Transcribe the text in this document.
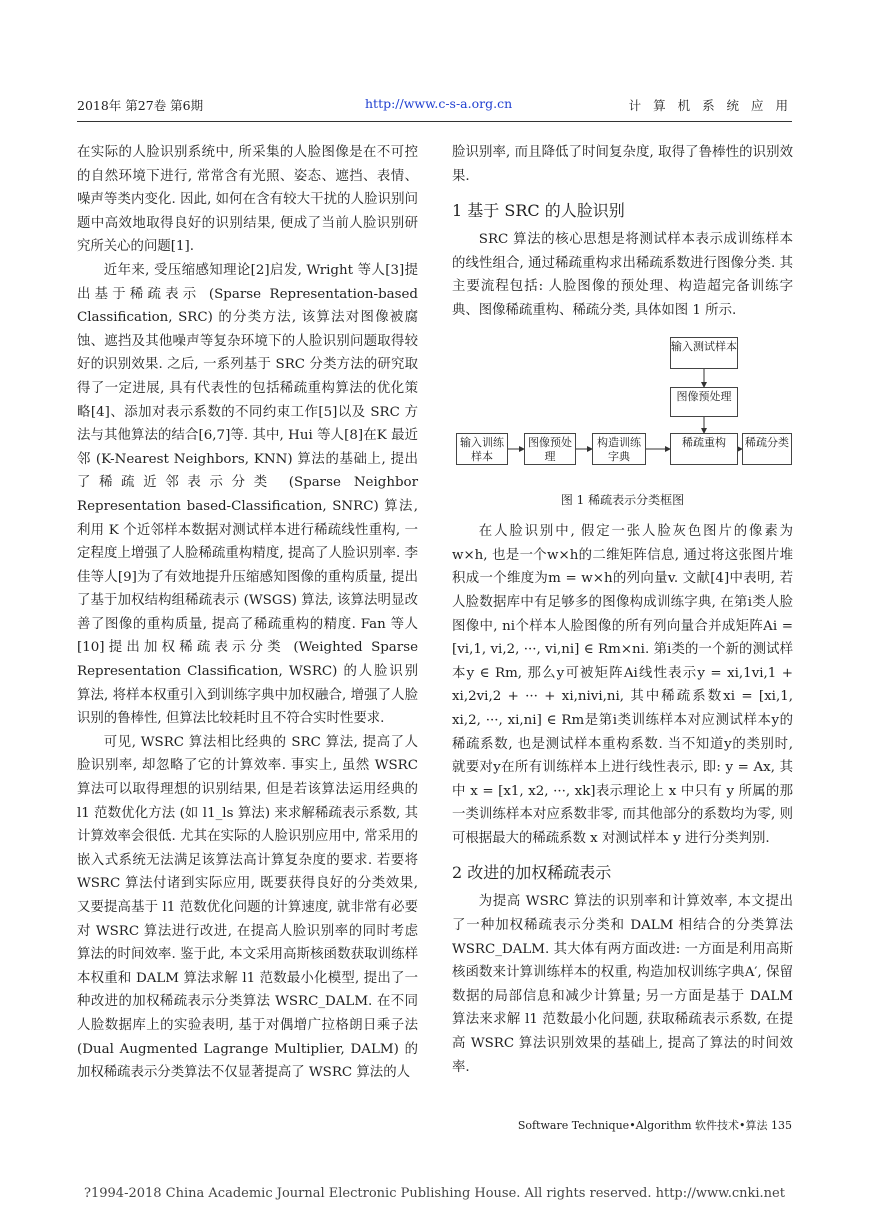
2018年 第27卷 第6期	http://www.c-s-a.org.cn	计 算 机 系 统 应 用

在实际的人脸识别系统中, 所采集的人脸图像是在不可控的自然环境下进行, 常常含有光照、姿态、遮挡、表情、噪声等类内变化. 因此, 如何在含有较大干扰的人脸识别问题中高效地取得良好的识别结果, 便成了当前人脸识别研究所关心的问题[1].

近年来, 受压缩感知理论[2]启发, Wright 等人[3]提出基于稀疏表示 (Sparse Representation-based Classification, SRC) 的分类方法, 该算法对图像被腐蚀、遮挡及其他噪声等复杂环境下的人脸识别问题取得较好的识别效果. 之后, 一系列基于 SRC 分类方法的研究取得了一定进展, 具有代表性的包括稀疏重构算法的优化策略[4]、添加对表示系数的不同约束工作[5]以及 SRC 方法与其他算法的结合[6,7]等. 其中, Hui 等人[8]在K 最近邻 (K-Nearest Neighbors, KNN) 算法的基础上, 提出了稀疏近邻表示分类 (Sparse Neighbor Representation based-Classification, SNRC) 算法, 利用 K 个近邻样本数据对测试样本进行稀疏线性重构, 一定程度上增强了人脸稀疏重构精度, 提高了人脸识别率. 李佳等人[9]为了有效地提升压缩感知图像的重构质量, 提出了基于加权结构组稀疏表示 (WSGS) 算法, 该算法明显改善了图像的重构质量, 提高了稀疏重构的精度. Fan 等人[10]提出加权稀疏表示分类 (Weighted Sparse Representation Classification, WSRC) 的人脸识别算法, 将样本权重引入到训练字典中加权融合, 增强了人脸识别的鲁棒性, 但算法比较耗时且不符合实时性要求.

可见, WSRC 算法相比经典的 SRC 算法, 提高了人脸识别率, 却忽略了它的计算效率. 事实上, 虽然 WSRC 算法可以取得理想的识别结果, 但是若该算法运用经典的 l1 范数优化方法 (如 l1_ls 算法) 来求解稀疏表示系数, 其计算效率会很低. 尤其在实际的人脸识别应用中, 常采用的嵌入式系统无法满足该算法高计算复杂度的要求. 若要将 WSRC 算法付诸到实际应用, 既要获得良好的分类效果, 又要提高基于 l1 范数优化问题的计算速度, 就非常有必要对 WSRC 算法进行改进, 在提高人脸识别率的同时考虑算法的时间效率. 鉴于此, 本文采用高斯核函数获取训练样本权重和 DALM 算法求解 l1 范数最小化模型, 提出了一种改进的加权稀疏表示分类算法 WSRC_DALM. 在不同人脸数据库上的实验表明, 基于对偶增广拉格朗日乘子法 (Dual Augmented Lagrange Multiplier, DALM) 的加权稀疏表示分类算法不仅显著提高了 WSRC 算法的人

脸识别率, 而且降低了时间复杂度, 取得了鲁棒性的识别效果.

1 基于 SRC 的人脸识别

SRC 算法的核心思想是将测试样本表示成训练样本的线性组合, 通过稀疏重构求出稀疏系数进行图像分类. 其主要流程包括: 人脸图像的预处理、构造超完备训练字典、图像稀疏重构、稀疏分类, 具体如图 1 所示.

输入测试样本
图像预处理
输入训练样本
图像预处理
构造训练字典
稀疏重构	稀疏分类
图 1 稀疏表示分类框图

在人脸识别中, 假定一张人脸灰色图片的像素为 w×h, 也是一个w×h的二维矩阵信息, 通过将这张图片堆积成一个维度为m = w×h的列向量v. 文献[4]中表明, 若人脸数据库中有足够多的图像构成训练字典, 在第i类人脸图像中, ni个样本人脸图像的所有列向量合并成矩阵Ai = [vi,1, vi,2, ···, vi,ni] ∈ Rm×ni. 第i类的一个新的测试样本y ∈ Rm, 那么y可被矩阵Ai线性表示y = xi,1vi,1 + xi,2vi,2 + ··· + xi,nivi,ni, 其中稀疏系数xi = [xi,1, xi,2, ···, xi,ni] ∈ Rm是第i类训练样本对应测试样本y的稀疏系数, 也是测试样本重构系数. 当不知道y的类别时, 就要对y在所有训练样本上进行线性表示, 即: y = Ax, 其中 x = [x1, x2, ···, xk]表示理论上 x 中只有 y 所属的那一类训练样本对应系数非零, 而其他部分的系数均为零, 则可根据最大的稀疏系数 x 对测试样本 y 进行分类判别.

2 改进的加权稀疏表示

为提高 WSRC 算法的识别率和计算效率, 本文提出了一种加权稀疏表示分类和 DALM 相结合的分类算法 WSRC_DALM. 其大体有两方面改进: 一方面是利用高斯核函数来计算训练样本的权重, 构造加权训练字典A′, 保留数据的局部信息和减少计算量; 另一方面是基于 DALM 算法来求解 l1 范数最小化问题, 获取稀疏表示系数, 在提高 WSRC 算法识别效果的基础上, 提高了算法的时间效率.

Software Technique•Algorithm 软件技术•算法 135
?1994-2018 China Academic Journal Electronic Publishing House. All rights reserved. http://www.cnki.net
